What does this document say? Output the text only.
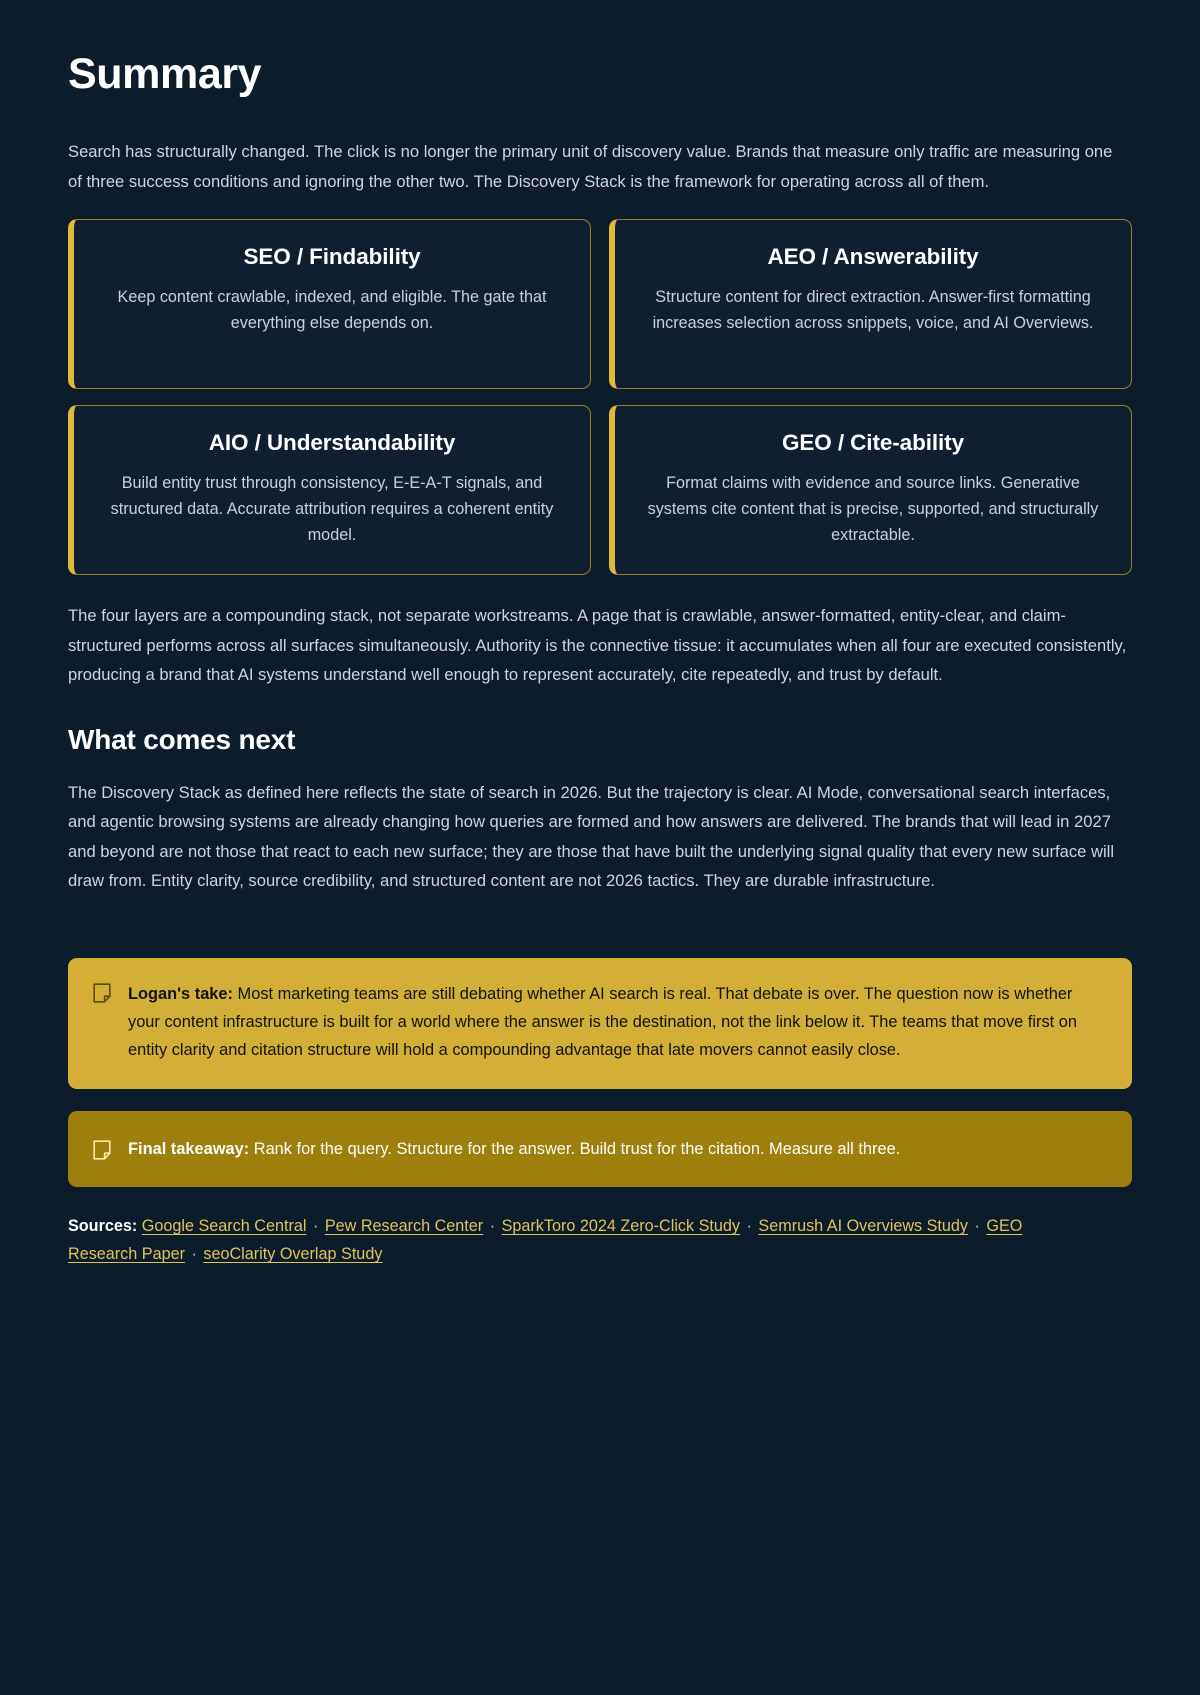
Summary

Search has structurally changed. The click is no longer the primary unit of discovery value. Brands that measure only traffic are measuring one of three success conditions and ignoring the other two. The Discovery Stack is the framework for operating across all of them.

SEO / Findability

Keep content crawlable, indexed, and eligible. The gate that everything else depends on.

AEO / Answerability

Structure content for direct extraction. Answer-first formatting increases selection across snippets, voice, and AI Overviews.

AIO / Understandability

Build entity trust through consistency, E-E-A-T signals, and structured data. Accurate attribution requires a coherent entity model.

GEO / Cite-ability

Format claims with evidence and source links. Generative systems cite content that is precise, supported, and structurally extractable.

The four layers are a compounding stack, not separate workstreams. A page that is crawlable, answer-formatted, entity-clear, and claim-structured performs across all surfaces simultaneously. Authority is the connective tissue: it accumulates when all four are executed consistently, producing a brand that AI systems understand well enough to represent accurately, cite repeatedly, and trust by default.

What comes next

The Discovery Stack as defined here reflects the state of search in 2026. But the trajectory is clear. AI Mode, conversational search interfaces, and agentic browsing systems are already changing how queries are formed and how answers are delivered. The brands that will lead in 2027 and beyond are not those that react to each new surface; they are those that have built the underlying signal quality that every new surface will draw from. Entity clarity, source credibility, and structured content are not 2026 tactics. They are durable infrastructure.

Logan's take: Most marketing teams are still debating whether AI search is real. That debate is over. The question now is whether your content infrastructure is built for a world where the answer is the destination, not the link below it. The teams that move first on entity clarity and citation structure will hold a compounding advantage that late movers cannot easily close.

Final takeaway: Rank for the query. Structure for the answer. Build trust for the citation. Measure all three.

Sources: Google Search Central · Pew Research Center · SparkToro 2024 Zero-Click Study · Semrush AI Overviews Study · GEO Research Paper · seoClarity Overlap Study
